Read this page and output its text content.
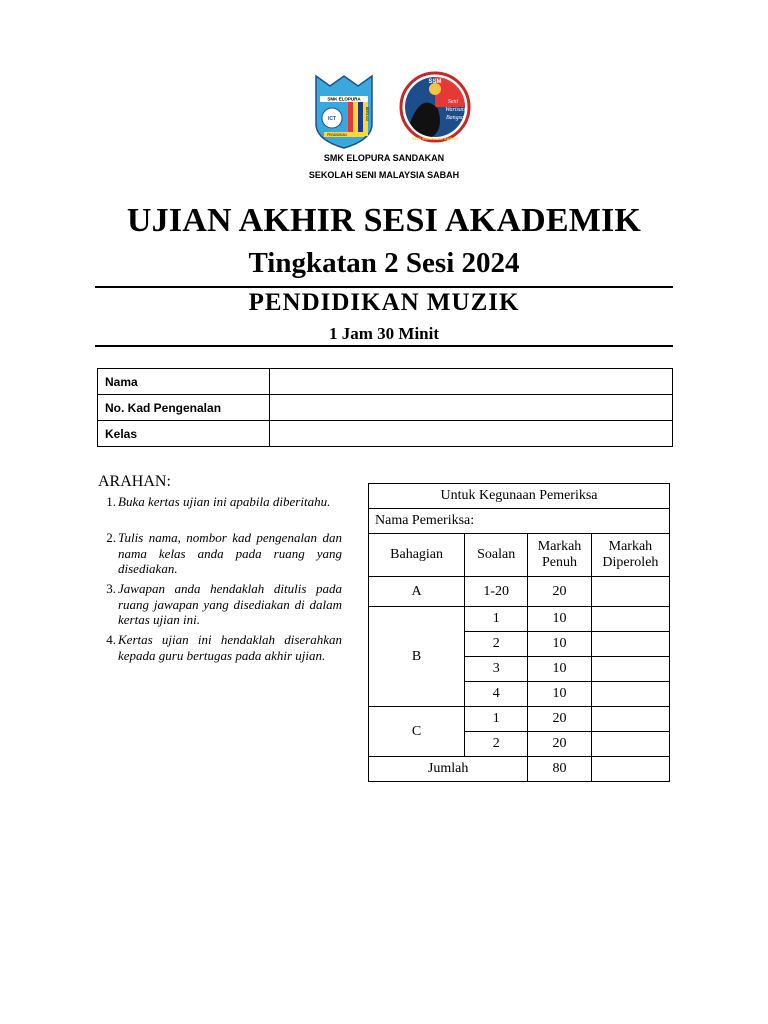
SMK ELOPURA
ICT
PENDIDIKAN
BERILMU
SSM
SENI MALAYSIA SABAH
Seni
Warisan
Bangsa
SMK ELOPURA SANDAKAN
SEKOLAH SENI MALAYSIA SABAH
UJIAN AKHIR SESI AKADEMIK
Tingkatan 2 Sesi 2024
PENDIDIKAN MUZIK
1 Jam 30 Minit
Nama	
No. Kad Pengenalan	
Kelas	
ARAHAN:
1. Buka kertas ujian ini apabila diberitahu.
2. Tulis nama, nombor kad pengenalan dan nama kelas anda pada ruang yang disediakan.
3. Jawapan anda hendaklah ditulis pada ruang jawapan yang disediakan di dalam kertas ujian ini.
4. Kertas ujian ini hendaklah diserahkan kepada guru bertugas pada akhir ujian.
Untuk Kegunaan Pemeriksa			
Nama Pemeriksa:			
Bahagian	Soalan	Markah Penuh	Markah Diperoleh
A	1-20	20	
B	1	10	
	2	10	
	3	10	
	4	10	
C	1	20	
	2	20	
Jumlah		80	
